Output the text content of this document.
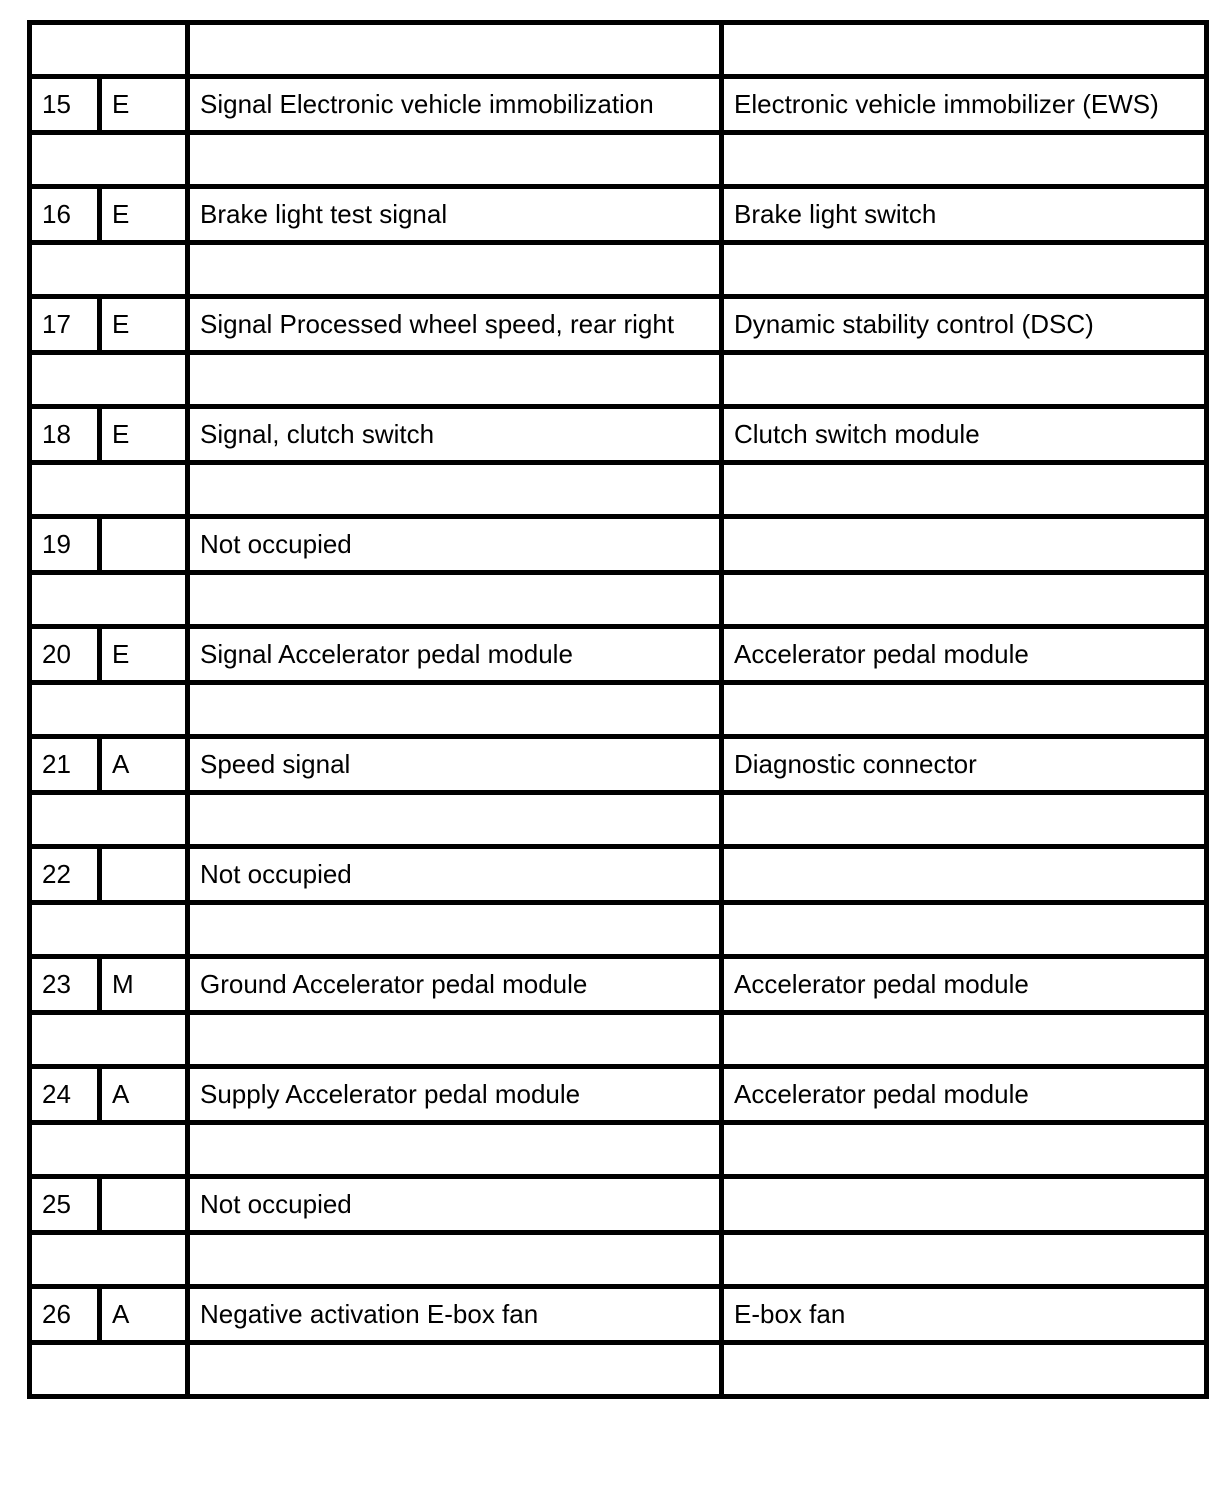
15	E	Signal Electronic vehicle immobilization	Electronic vehicle immobilizer (EWS)

16	E	Brake light test signal	Brake light switch

17	E	Signal Processed wheel speed, rear right	Dynamic stability control (DSC)

18	E	Signal, clutch switch	Clutch switch module

19		Not occupied	

20	E	Signal Accelerator pedal module	Accelerator pedal module

21	A	Speed signal	Diagnostic connector

22		Not occupied	

23	M	Ground Accelerator pedal module	Accelerator pedal module

24	A	Supply Accelerator pedal module	Accelerator pedal module

25		Not occupied	

26	A	Negative activation E-box fan	E-box fan
